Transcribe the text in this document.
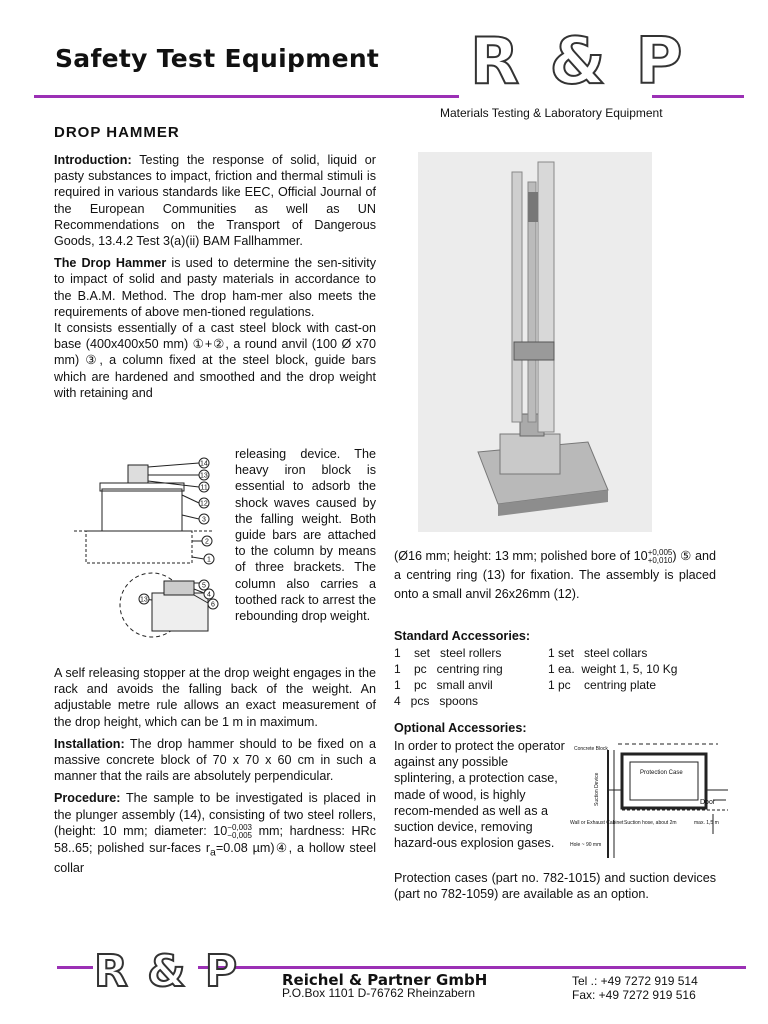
Safety Test Equipment R & P
Materials Testing & Laboratory Equipment
DROP HAMMER

Introduction: Testing the response of solid, liquid or pasty substances to impact, friction and thermal stimuli is required in various standards like EEC, Official Journal of the European Communities as well as UN Recommendations on the Transport of Dangerous Goods, 13.4.2 Test 3(a)(ii) BAM Fallhammer.

The Drop Hammer is used to determine the sen-sitivity to impact of solid and pasty materials in accordance to the B.A.M. Method. The drop ham-mer also meets the requirements of above men-tioned regulations.

It consists essentially of a cast steel block with cast-on base (400x400x50 mm) ①+②, a round anvil (100 Ø x70 mm) ③, a column fixed at the steel block, guide bars which are hardened and smoothed and the drop weight with retaining and

14
13
11
12
3
2
1
5
4
6
13
releasing device. The heavy iron block is essential to adsorb the shock waves caused by the falling weight. Both guide bars are attached to the column by means of three brackets. The column also carries a toothed rack to arrest the rebounding drop weight.

A self releasing stopper at the drop weight engages in the rack and avoids the falling back of the weight. An adjustable metre rule allows an exact measurement of the drop height, which can be 1 m in maximum.

Installation: The drop hammer should to be fixed on a massive concrete block of 70 x 70 x 60 cm in such a manner that the rails are absolutely perpendicular.

Procedure: The sample to be investigated is placed in the plunger assembly (14), consisting of two steel rollers, (height: 10 mm; diameter: 10−0,003
−0,005 mm; hardness: HRc 58..65; polished sur-faces $r_a=0.08$ µm)④, a hollow steel collar

(Ø16 mm; height: 13 mm; polished bore of 10+0,005
+0,010) ⑤ and a centring ring (13) for fixation. The assembly is placed onto a small anvil 26x26mm (12).
Standard Accessories:
1    set   steel rollers
1    pc   centring ring
1    pc   small anvil
4   pcs   spoons
1 set   steel collars
1 ea.  weight 1, 5, 10 Kg
1 pc    centring plate
Optional Accessories:
In order to protect the operator against any possible splintering, a protection case, made of wood, is highly recom-mended as well as a suction device, removing hazard-ous explosion gases.
Concrete Block
Protection Case
Suction Device	Door
Wall or Exhaust Cabinet Suction hose, about 2m	max. 1,5 m
Hole ~ 90 mm
Protection cases (part no. 782-1015) and suction devices (part no 782-1059) are available as an option.
R & P	Reichel & Partner GmbH
P.O.Box 1101 D-76762 Rheinzabern
Tel .: +49 7272 919 514
Fax: +49 7272 919 516
